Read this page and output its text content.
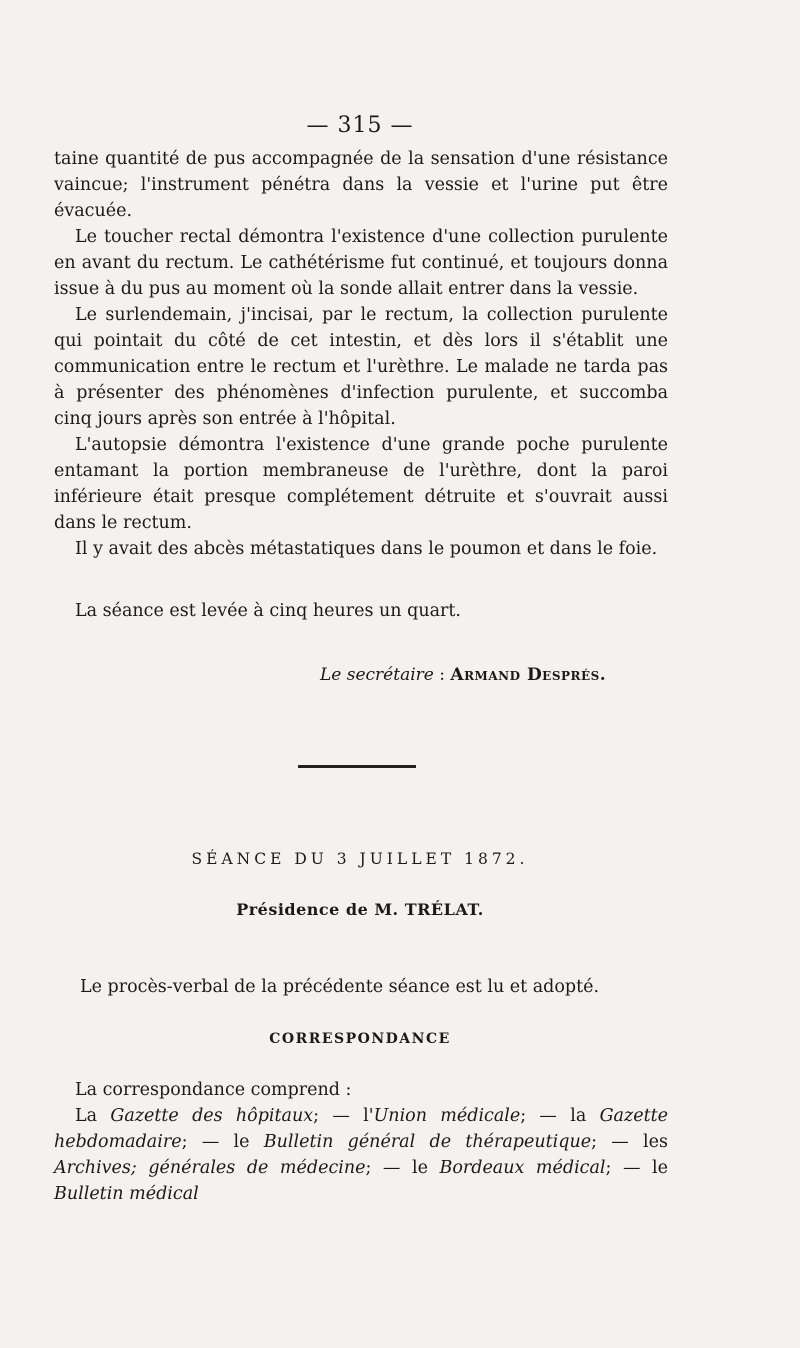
— 315 —

taine quantité de pus accompagnée de la sensation d'une résistance vaincue; l'instrument pénétra dans la vessie et l'urine put être évacuée.

Le toucher rectal démontra l'existence d'une collection purulente en avant du rectum. Le cathétérisme fut continué, et toujours donna issue à du pus au moment où la sonde allait entrer dans la vessie.

Le surlendemain, j'incisai, par le rectum, la collection purulente qui pointait du côté de cet intestin, et dès lors il s'établit une communication entre le rectum et l'urèthre. Le malade ne tarda pas à présenter des phénomènes d'infection purulente, et succomba cinq jours après son entrée à l'hôpital.

L'autopsie démontra l'existence d'une grande poche purulente entamant la portion membraneuse de l'urèthre, dont la paroi inférieure était presque complétement détruite et s'ouvrait aussi dans le rectum.

Il y avait des abcès métastatiques dans le poumon et dans le foie.

La séance est levée à cinq heures un quart.
Le secrétaire : Armand Després.
SÉANCE DU 3 JUILLET 1872.
Présidence de M. TRÉLAT.
Le procès-verbal de la précédente séance est lu et adopté.
CORRESPONDANCE

La correspondance comprend :

La Gazette des hôpitaux; — l'Union médicale; — la Gazette hebdomadaire; — le Bulletin général de thérapeutique; — les Archives; générales de médecine; — le Bordeaux médical; — le Bulletin médical
